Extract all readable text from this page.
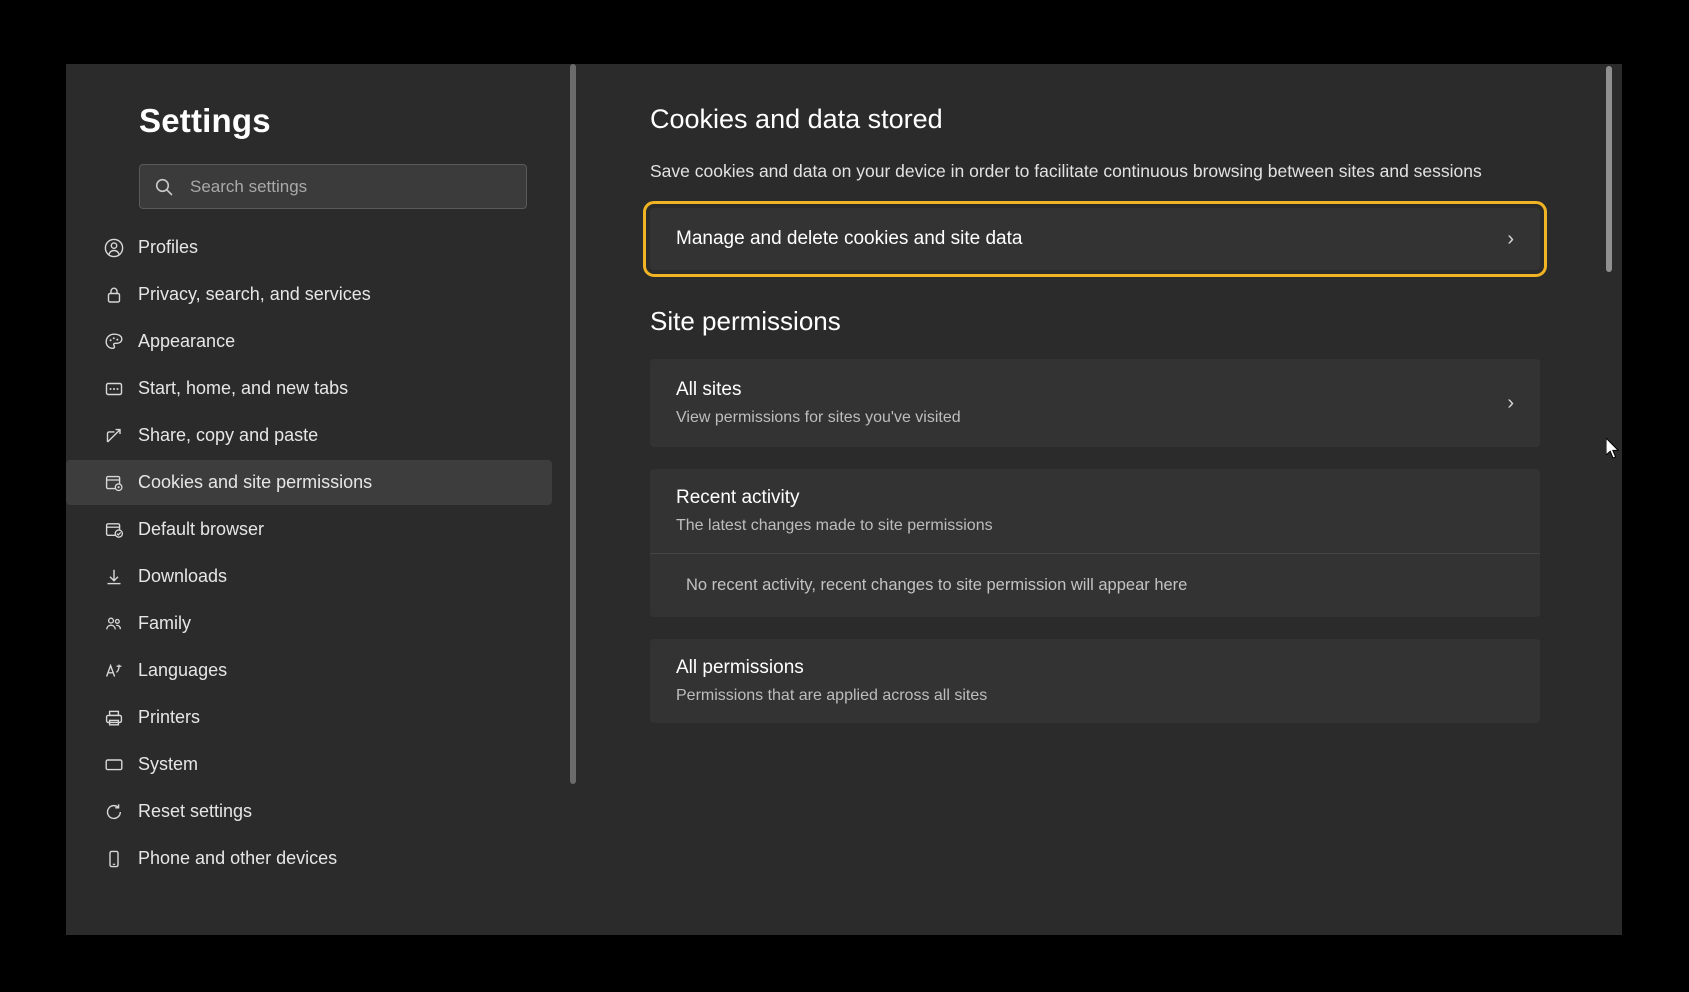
Settings
Search settings
Profiles
Privacy, search, and services
Appearance
Start, home, and new tabs
Share, copy and paste
Cookies and site permissions
Default browser
Downloads
Family
Languages
Printers
System
Reset settings
Phone and other devices
Cookies and data stored

Save cookies and data on your device in order to facilitate continuous browsing between sites and sessions

Manage and delete cookies and site data	›
Site permissions
All sites
View permissions for sites you've visited
›
Recent activity
The latest changes made to site permissions
No recent activity, recent changes to site permission will appear here
All permissions
Permissions that are applied across all sites
